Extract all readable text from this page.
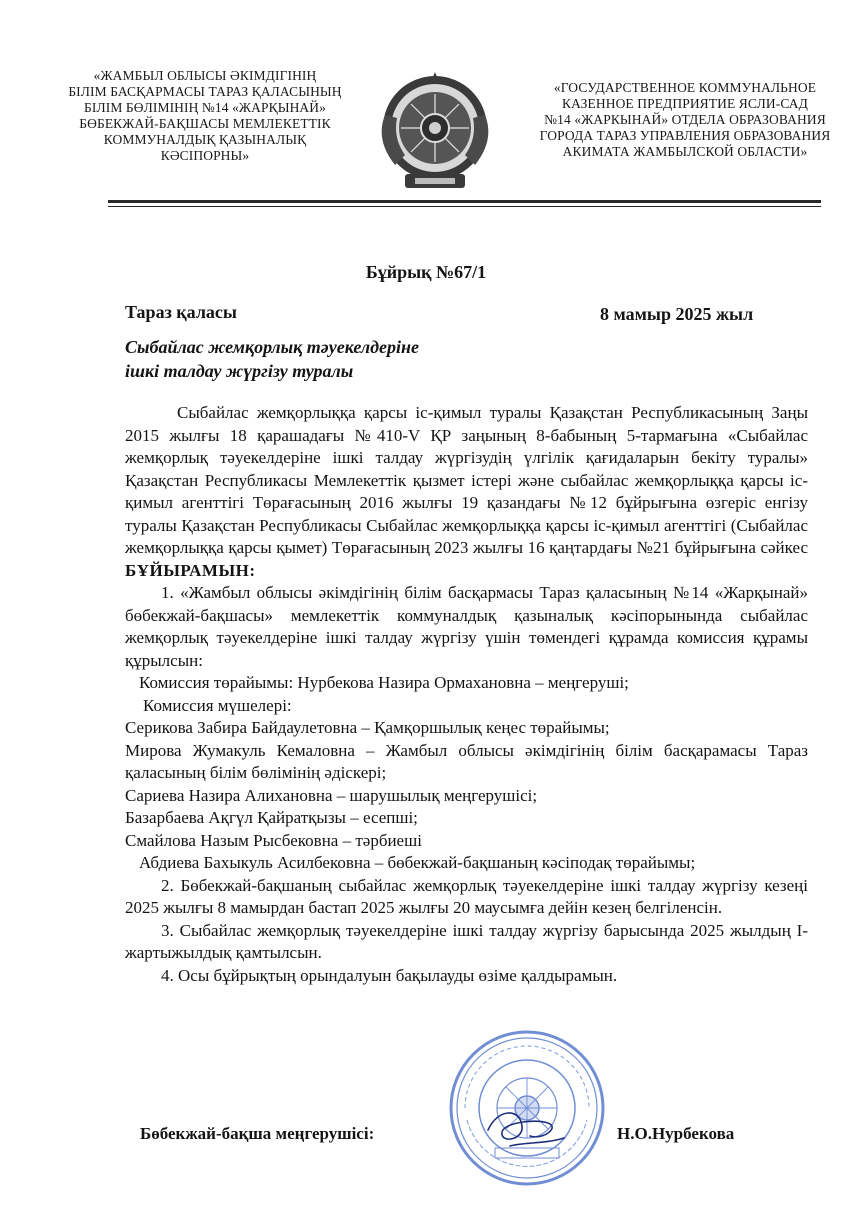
«ЖАМБЫЛ ОБЛЫСЫ ӘКІМДІГІНІҢ
БІЛІМ БАСҚАРМАСЫ ТАРАЗ ҚАЛАСЫНЫҢ
БІЛІМ БӨЛІМІНІҢ №14 «ЖАРҚЫНАЙ»
БӨБЕКЖАЙ-БАҚШАСЫ МЕМЛЕКЕТТІК
КОММУНАЛДЫҚ ҚАЗЫНАЛЫҚ
КӘСІПОРНЫ»
«ГОСУДАРСТВЕННОЕ КОММУНАЛЬНОЕ
КАЗЕННОЕ ПРЕДПРИЯТИЕ ЯСЛИ-САД
№14 «ЖАРКЫНАЙ» ОТДЕЛА ОБРАЗОВАНИЯ
ГОРОДА ТАРАЗ УПРАВЛЕНИЯ ОБРАЗОВАНИЯ
АКИМАТА ЖАМБЫЛСКОЙ ОБЛАСТИ»
Бұйрық №67/1
Тараз қаласы	8 мамыр 2025 жыл
Сыбайлас жемқорлық тәуекелдеріне
ішкі талдау жүргізу туралы

Сыбайлас жемқорлыққа қарсы іс-қимыл туралы Қазақстан Республикасының Заңы 2015 жылғы 18 қарашадағы №410-V ҚР заңының 8-бабының 5-тармағына «Сыбайлас жемқорлық тәуекелдеріне ішкі талдау жүргізудің үлгілік қағидаларын бекіту туралы» Қазақстан Республикасы Мемлекеттік қызмет істері және сыбайлас жемқорлыққа қарсы іс-қимыл агенттігі Төрағасының 2016 жылғы 19 қазандағы №12 бұйрығына өзгеріс енгізу туралы Қазақстан Республикасы Сыбайлас жемқорлыққа қарсы іс-қимыл агенттігі (Сыбайлас жемқорлыққа қарсы қымет) Төрағасының 2023 жылғы 16 қаңтардағы №21 бұйрығына сәйкес БҰЙЫРАМЫН:

1. «Жамбыл облысы әкімдігінің білім басқармасы Тараз қаласының №14 «Жарқынай» бөбекжай-бақшасы» мемлекеттік коммуналдық қазыналық кәсіпорынында сыбайлас жемқорлық тәуекелдеріне ішкі талдау жүргізу үшін төмендегі құрамда комиссия құрамы құрылсын:

Комиссия төрайымы: Нурбекова Назира Ормахановна – меңгеруші;

Комиссия мүшелері:

Серикова Забира Байдаулетовна – Қамқоршылық кеңес төрайымы;

Мирова Жумакуль Кемаловна – Жамбыл облысы әкімдігінің білім басқарамасы Тараз қаласының білім бөлімінің әдіскері;

Сариева Назира Алихановна – шарушылық меңгерушісі;

Базарбаева Ақгүл Қайратқызы – есепші;

Смайлова Назым Рысбековна – тәрбиеші

Абдиева Бахыкуль Асилбековна – бөбекжай-бақшаның кәсіподақ төрайымы;

2. Бөбекжай-бақшаның сыбайлас жемқорлық тәуекелдеріне ішкі талдау жүргізу кезеңі 2025 жылғы 8 мамырдан бастап 2025 жылғы 20 маусымға дейін кезең белгіленсін.

3. Сыбайлас жемқорлық тәуекелдеріне ішкі талдау жүргізу барысында 2025 жылдың І-жартыжылдық қамтылсын.

4. Осы бұйрықтың орындалуын бақылауды өзіме қалдырамын.

Бөбекжай-бақша меңгерушісі:	Н.О.Нурбекова
